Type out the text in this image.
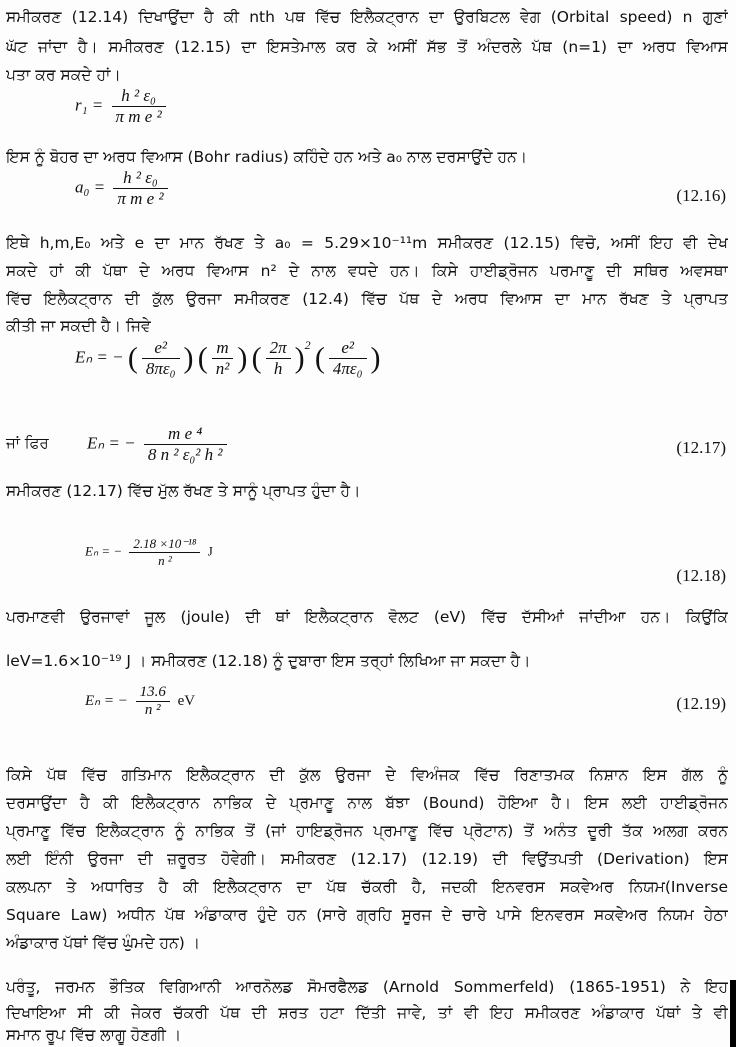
ਸਮੀਕਰਣ (12.14) ਦਿਖਾਉਂਦਾ ਹੈ ਕੀ nth ਪਥ ਵਿੱਚ ਇਲੈਕਟ੍ਰਾਨ ਦਾ ਉਰਬਿਟਲ ਵੇਗ (Orbital speed) n ਗੁਣਾਂ
ਘੱਟ ਜਾਂਦਾ ਹੈ। ਸਮੀਕਰਣ (12.15) ਦਾ ਇਸਤੇਮਾਲ ਕਰ ਕੇ ਅਸੀਂ ਸੱਭ ਤੋਂ ਅੰਦਰਲੇ ਪੱਥ (n=1) ਦਾ ਅਰਧ ਵਿਆਸ
ਪਤਾ ਕਰ ਸਕਦੇ ਹਾਂ।
$r_1 = \frac{\text{h ² ε₀}}{\text{π m e ²}}$
ਇਸ ਨੂੰ ਬੋਹਰ ਦਾ ਅਰਧ ਵਿਆਸ (Bohr radius) ਕਹਿੰਦੇ ਹਨ ਅਤੇ a₀ ਨਾਲ ਦਰਸਾਉਂਦੇ ਹਨ।
$a_0 = \frac{\text{h ² ε₀}}{\text{π m e ²}}$	(12.16)
ਇਥੇ h,m,E₀ ਅਤੇ e ਦਾ ਮਾਨ ਰੱਖਣ ਤੇ a₀ = 5.29×10⁻¹¹m ਸਮੀਕਰਣ (12.15) ਵਿਚੋ, ਅਸੀਂ ਇਹ ਵੀ ਦੇਖ
ਸਕਦੇ ਹਾਂ ਕੀ ਪੱਥਾ ਦੇ ਅਰਧ ਵਿਆਸ n² ਦੇ ਨਾਲ ਵਧਦੇ ਹਨ। ਕਿਸੇ ਹਾਈਡ੍ਰੋਜਨ ਪਰਮਾਣੂ ਦੀ ਸਥਿਰ ਅਵਸਥਾ
ਵਿੱਚ ਇਲੈਕਟ੍ਰਾਨ ਦੀ ਕੁੱਲ ਉਰਜਾ ਸਮੀਕਰਣ (12.4) ਵਿੱਚ ਪੱਥ ਦੇ ਅਰਧ ਵਿਆਸ ਦਾ ਮਾਨ ਰੱਖਣ ਤੇ ਪ੍ਰਾਪਤ
ਕੀਤੀ ਜਾ ਸਕਦੀ ਹੈ। ਜਿਵੇ
Eₙ = − ( $\frac{\text{e²}}{\text{8πε₀}}$ ) ( $\frac{m}{\text{n²}}$ ) ( $\frac{2\pi}{h} )^2$ ( $\frac{\text{e²}}{\text{4πε₀}}$ )
ਜਾਂ ਫਿਰ Eₙ = − $\frac{\text{m e ⁴}}{\text{8 n ² ε₀² h ²}}$	(12.17)
ਸਮੀਕਰਣ (12.17) ਵਿੱਚ ਮੁੱਲ ਰੱਖਣ ਤੇ ਸਾਨੂੰ ਪ੍ਰਾਪਤ ਹੁੰਦਾ ਹੈ।
Eₙ = − $\frac{\text{2.18 ×10⁻¹⁸}}{\text{n ²}}$ J
(12.18)
ਪਰਮਾਣਵੀ ਉਰਜਾਵਾਂ ਜੂਲ (joule) ਦੀ ਥਾਂ ਇਲੈਕਟ੍ਰਾਨ ਵੋਲਟ (eV) ਵਿੱਚ ਦੱਸੀਆਂ ਜਾਂਦੀਆ ਹਨ। ਕਿਉਂਕਿ
leV=1.6×10⁻¹⁹ J । ਸਮੀਕਰਣ (12.18) ਨੂੰ ਦੁਬਾਰਾ ਇਸ ਤਰ੍ਹਾਂ ਲਿਖਿਆ ਜਾ ਸਕਦਾ ਹੈ।
Eₙ = − $\frac{13.6}{\text{n ²}}$ eV	(12.19)
ਕਿਸੇ ਪੱਥ ਵਿੱਚ ਗਤਿਮਾਨ ਇਲੈਕਟ੍ਰਾਨ ਦੀ ਕੁੱਲ ਉਰਜਾ ਦੇ ਵਿਅੰਜਕ ਵਿੱਚ ਰਿਣਾਤਮਕ ਨਿਸ਼ਾਨ ਇਸ ਗੱਲ ਨੂੰ
ਦਰਸਾਉਂਦਾ ਹੈ ਕੀ ਇਲੈਕਟ੍ਰਾਨ ਨਾਭਿਕ ਦੇ ਪ੍ਰਮਾਣੂ ਨਾਲ ਬੱਝਾ (Bound) ਹੋਇਆ ਹੈ। ਇਸ ਲਈ ਹਾਈਡ੍ਰੋਜਨ
ਪ੍ਰਮਾਣੂ ਵਿੱਚ ਇਲੈਕਟ੍ਰਾਨ ਨੂੰ ਨਾਭਿਕ ਤੋਂ (ਜਾਂ ਹਾਇਡ੍ਰੋਜਨ ਪ੍ਰਮਾਣੂ ਵਿੱਚ ਪ੍ਰੋਟਾਨ) ਤੋਂ ਅਨੰਤ ਦੂਰੀ ਤੱਕ ਅਲਗ ਕਰਨ
ਲਈ ਇੰਨੀ ਉਰਜਾ ਦੀ ਜ਼ਰੂਰਤ ਹੋਵੇਗੀ। ਸਮੀਕਰਣ (12.17) (12.19) ਦੀ ਵਿਉਂਤਪਤੀ (Derivation) ਇਸ
ਕਲਪਨਾ ਤੇ ਅਧਾਰਿਤ ਹੈ ਕੀ ਇਲੈਕਟ੍ਰਾਨ ਦਾ ਪੱਥ ਚੱਕਰੀ ਹੈ, ਜਦਕੀ ਇਨਵਰਸ ਸਕਵੇਅਰ ਨਿਯਮ(Inverse
Square Law) ਅਧੀਨ ਪੱਥ ਅੰਡਾਕਾਰ ਹੁੰਦੇ ਹਨ (ਸਾਰੇ ਗ੍ਰਹਿ ਸੂਰਜ ਦੇ ਚਾਰੇ ਪਾਸੇ ਇਨਵਰਸ ਸਕਵੇਅਰ ਨਿਯਮ ਹੇਠਾ
ਅੰਡਾਕਾਰ ਪੱਥਾਂ ਵਿੱਚ ਘੁੰਮਦੇ ਹਨ) ।
ਪਰੰਤੂ, ਜਰਮਨ ਭੌਤਿਕ ਵਿਗਿਆਨੀ ਆਰਨੋਲਡ ਸੋਮਰਫੈਲਡ (Arnold Sommerfeld) (1865-1951) ਨੇ ਇਹ
ਦਿਖਾਇਆ ਸੀ ਕੀ ਜੇਕਰ ਚੱਕਰੀ ਪੱਥ ਦੀ ਸ਼ਰਤ ਹਟਾ ਦਿੱਤੀ ਜਾਵੇ, ਤਾਂ ਵੀ ਇਹ ਸਮੀਕਰਣ ਅੰਡਾਕਾਰ ਪੱਥਾਂ ਤੇ ਵੀ
ਸਮਾਨ ਰੂਪ ਵਿੱਚ ਲਾਗੂ ਹੋਣਗੀ ।
